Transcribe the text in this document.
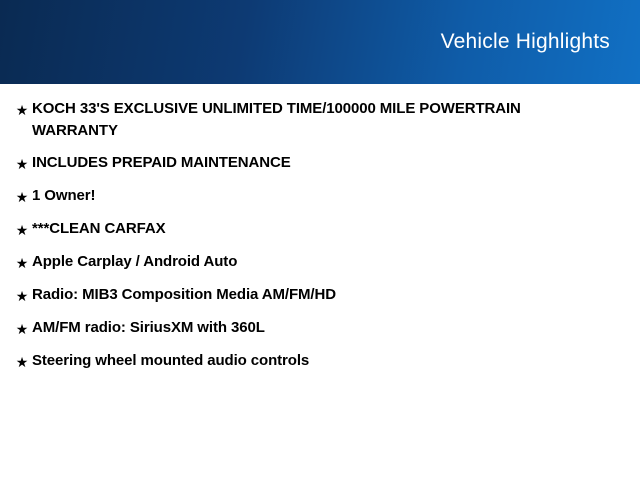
Vehicle Highlights
★ KOCH 33'S EXCLUSIVE UNLIMITED TIME/100000 MILE POWERTRAIN WARRANTY
★ INCLUDES PREPAID MAINTENANCE
★ 1 Owner!
★ ***CLEAN CARFAX
★ Apple Carplay / Android Auto
★ Radio: MIB3 Composition Media AM/FM/HD
★ AM/FM radio: SiriusXM with 360L
★ Steering wheel mounted audio controls
